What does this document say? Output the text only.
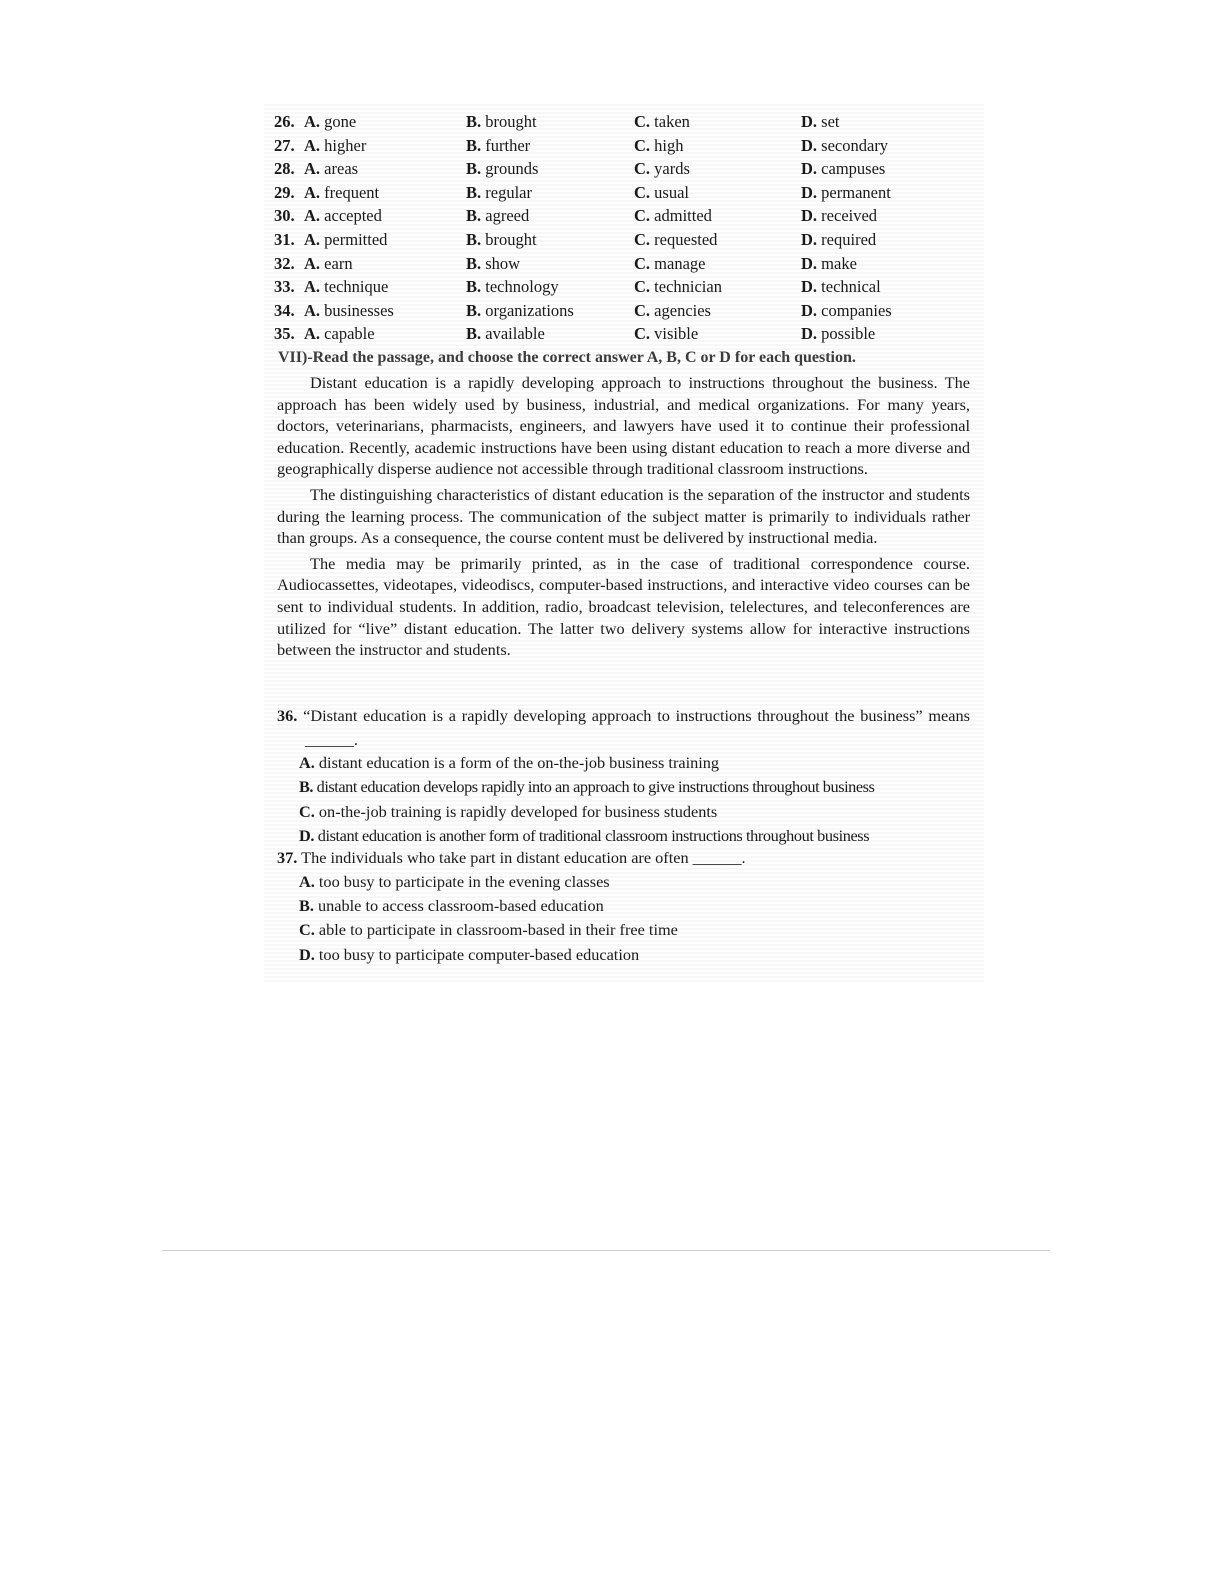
26. A. gone	B. brought	C. taken	D. set
27. A. higher	B. further	C. high	D. secondary
28. A. areas	B. grounds	C. yards	D. campuses
29. A. frequent	B. regular	C. usual	D. permanent
30. A. accepted	B. agreed	C. admitted	D. received
31. A. permitted	B. brought	C. requested	D. required
32. A. earn	B. show	C. manage	D. make
33. A. technique	B. technology	C. technician	D. technical
34. A. businesses	B. organizations	C. agencies	D. companies
35. A. capable	B. available	C. visible	D. possible
VII)-Read the passage, and choose the correct answer A, B, C or D for each question.

Distant education is a rapidly developing approach to instructions throughout the business. The approach has been widely used by business, industrial, and medical organizations. For many years, doctors, veterinarians, pharmacists, engineers, and lawyers have used it to continue their professional education. Recently, academic instructions have been using distant education to reach a more diverse and geographically disperse audience not accessible through traditional classroom instructions.

The distinguishing characteristics of distant education is the separation of the instructor and students during the learning process. The communication of the subject matter is primarily to individuals rather than groups. As a consequence, the course content must be delivered by instructional media.

The media may be primarily printed, as in the case of traditional correspondence course. Audiocassettes, videotapes, videodiscs, computer-based instructions, and interactive video courses can be sent to individual students. In addition, radio, broadcast television, telelectures, and teleconferences are utilized for “live” distant education. The latter two delivery systems allow for interactive instructions between the instructor and students.

36. “Distant education is a rapidly developing approach to instructions throughout the business” means ______.
A. distant education is a form of the on-the-job business training
B. distant education develops rapidly into an approach to give instructions throughout business
C. on-the-job training is rapidly developed for business students
D. distant education is another form of traditional classroom instructions throughout business
37. The individuals who take part in distant education are often ______.
A. too busy to participate in the evening classes
B. unable to access classroom-based education
C. able to participate in classroom-based in their free time
D. too busy to participate computer-based education
